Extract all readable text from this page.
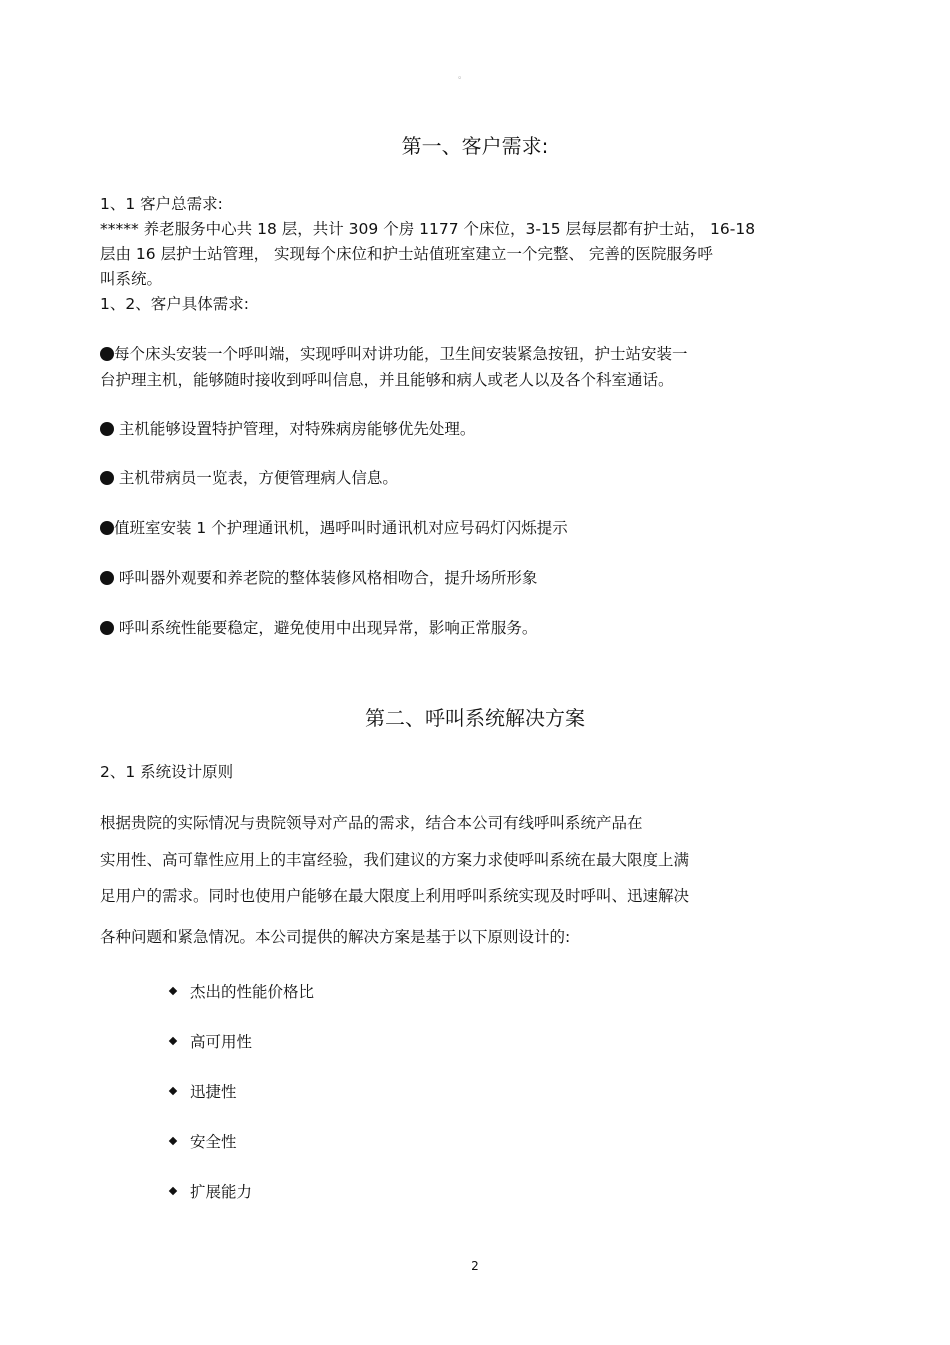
。
第一、客户需求:
1、1 客户总需求:
***** 养老服务中心共 18 层，共计 309 个房 1177 个床位，3-15 层每层都有护士站， 16-18
层由 16 层护士站管理， 实现每个床位和护士站值班室建立一个完整、 完善的医院服务呼
叫系统。
1、2、客户具体需求:
每个床头安装一个呼叫端，实现呼叫对讲功能，卫生间安装紧急按钮，护士站安装一
台护理主机，能够随时接收到呼叫信息，并且能够和病人或老人以及各个科室通话。
主机能够设置特护管理，对特殊病房能够优先处理。
主机带病员一览表，方便管理病人信息。
值班室安装 1 个护理通讯机，遇呼叫时通讯机对应号码灯闪烁提示
呼叫器外观要和养老院的整体装修风格相吻合，提升场所形象
呼叫系统性能要稳定，避免使用中出现异常，影响正常服务。
第二、呼叫系统解决方案
2、1 系统设计原则
根据贵院的实际情况与贵院领导对产品的需求，结合本公司有线呼叫系统产品在
实用性、高可靠性应用上的丰富经验，我们建议的方案力求使呼叫系统在最大限度上满
足用户的需求。同时也使用户能够在最大限度上利用呼叫系统实现及时呼叫、迅速解决
各种问题和紧急情况。本公司提供的解决方案是基于以下原则设计的:
杰出的性能价格比
高可用性
迅捷性
安全性
扩展能力
2
